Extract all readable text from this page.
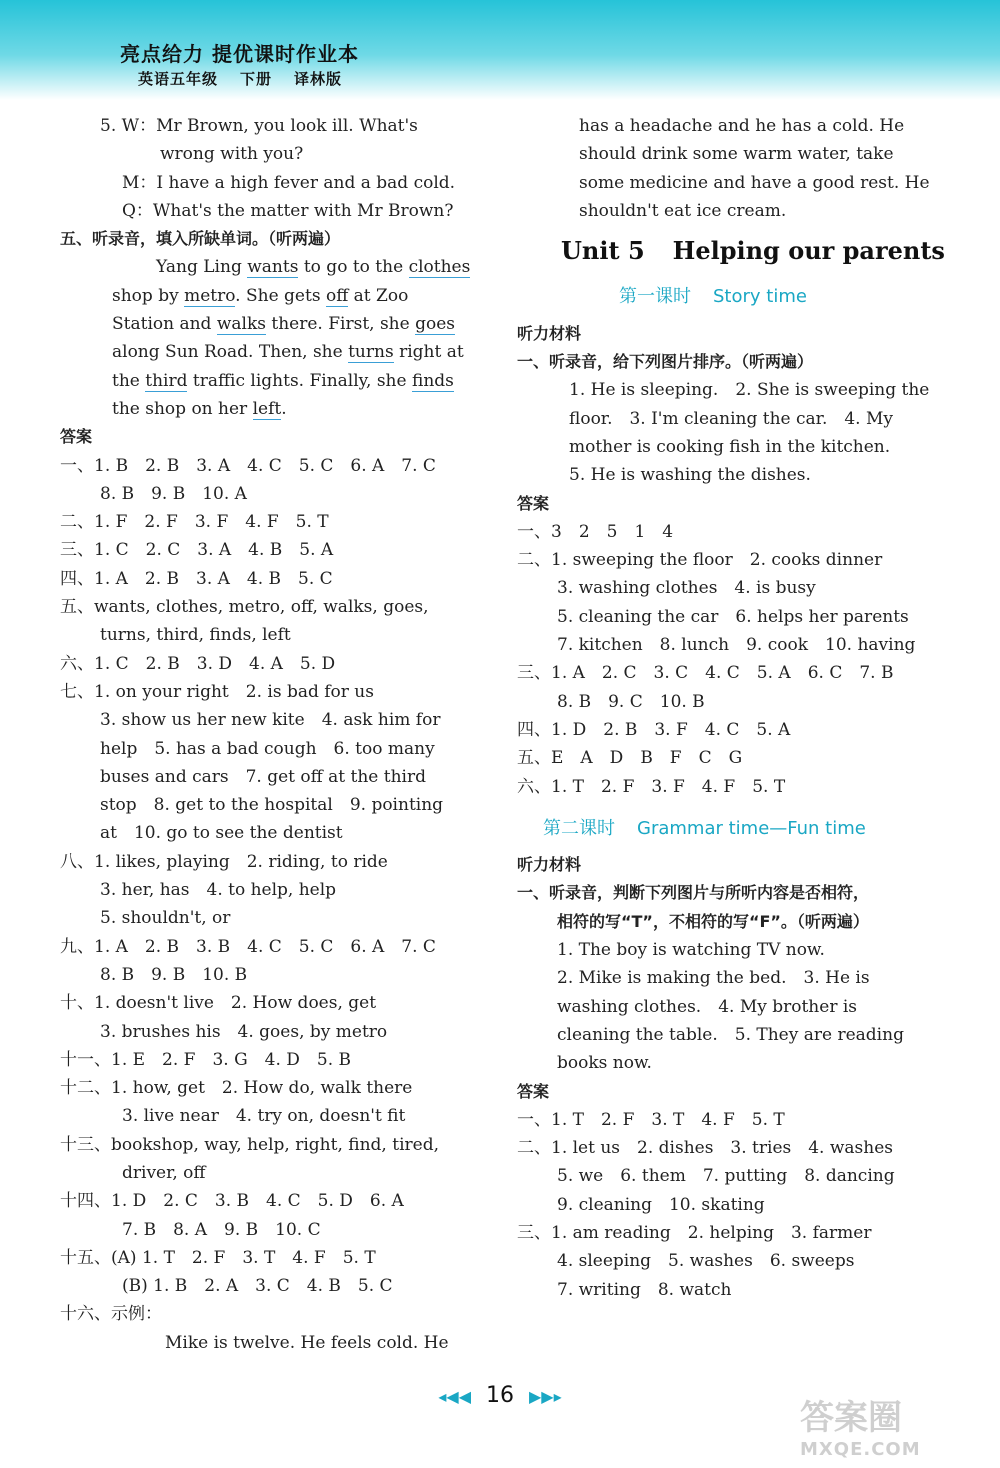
亮点给力 提优课时作业本
英语五年级 下册 译林版
5. W：Mr Brown, you look ill. What's
wrong with you?
M：I have a high fever and a bad cold.
Q：What's the matter with Mr Brown?
五、听录音，填入所缺单词。（听两遍）
Yang Ling wants to go to the clothes
shop by metro. She gets off at Zoo
Station and walks there. First, she goes
along Sun Road. Then, she turns right at
the third traffic lights. Finally, she finds
the shop on her left.
答案
一、1. B　2. B　3. A　4. C　5. C　6. A　7. C
8. B　9. B　10. A
二、1. F　2. F　3. F　4. F　5. T
三、1. C　2. C　3. A　4. B　5. A
四、1. A　2. B　3. A　4. B　5. C
五、wants, clothes, metro, off, walks, goes,
turns, third, finds, left
六、1. C　2. B　3. D　4. A　5. D
七、1. on your right　2. is bad for us
3. show us her new kite　4. ask him for
help　5. has a bad cough　6. too many
buses and cars　7. get off at the third
stop　8. get to the hospital　9. pointing
at　10. go to see the dentist
八、1. likes, playing　2. riding, to ride
3. her, has　4. to help, help
5. shouldn't, or
九、1. A　2. B　3. B　4. C　5. C　6. A　7. C
8. B　9. B　10. B
十、1. doesn't live　2. How does, get
3. brushes his　4. goes, by metro
十一、1. E　2. F　3. G　4. D　5. B
十二、1. how, get　2. How do, walk there
3. live near　4. try on, doesn't fit
十三、bookshop, way, help, right, find, tired,
driver, off
十四、1. D　2. C　3. B　4. C　5. D　6. A
7. B　8. A　9. B　10. C
十五、(A) 1. T　2. F　3. T　4. F　5. T
(B) 1. B　2. A　3. C　4. B　5. C
十六、示例：
Mike is twelve. He feels cold. He
has a headache and he has a cold. He
should drink some warm water, take
some medicine and have a good rest. He
shouldn't eat ice cream.
Unit 5 Helping our parents
第一课时 Story time
听力材料
一、听录音，给下列图片排序。（听两遍）
1. He is sleeping.　2. She is sweeping the
floor.　3. I'm cleaning the car.　4. My
mother is cooking fish in the kitchen.
5. He is washing the dishes.
答案
一、3　2　5　1　4
二、1. sweeping the floor　2. cooks dinner
3. washing clothes　4. is busy
5. cleaning the car　6. helps her parents
7. kitchen　8. lunch　9. cook　10. having
三、1. A　2. C　3. C　4. C　5. A　6. C　7. B
8. B　9. C　10. B
四、1. D　2. B　3. F　4. C　5. A
五、E　A　D　B　F　C　G
六、1. T　2. F　3. F　4. F　5. T
第二课时 Grammar time—Fun time
听力材料
一、听录音，判断下列图片与所听内容是否相符，
相符的写“T”，不相符的写“F”。（听两遍）
1. The boy is watching TV now.
2. Mike is making the bed.　3. He is
washing clothes.　4. My brother is
cleaning the table.　5. They are reading
books now.
答案
一、1. T　2. F　3. T　4. F　5. T
二、1. let us　2. dishes　3. tries　4. washes
5. we　6. them　7. putting　8. dancing
9. cleaning　10. skating
三、1. am reading　2. helping　3. farmer
4. sleeping　5. washes　6. sweeps
7. writing　8. watch
◂◀◀ 16 ▶▶▸
答案圈
MXQE.COM
